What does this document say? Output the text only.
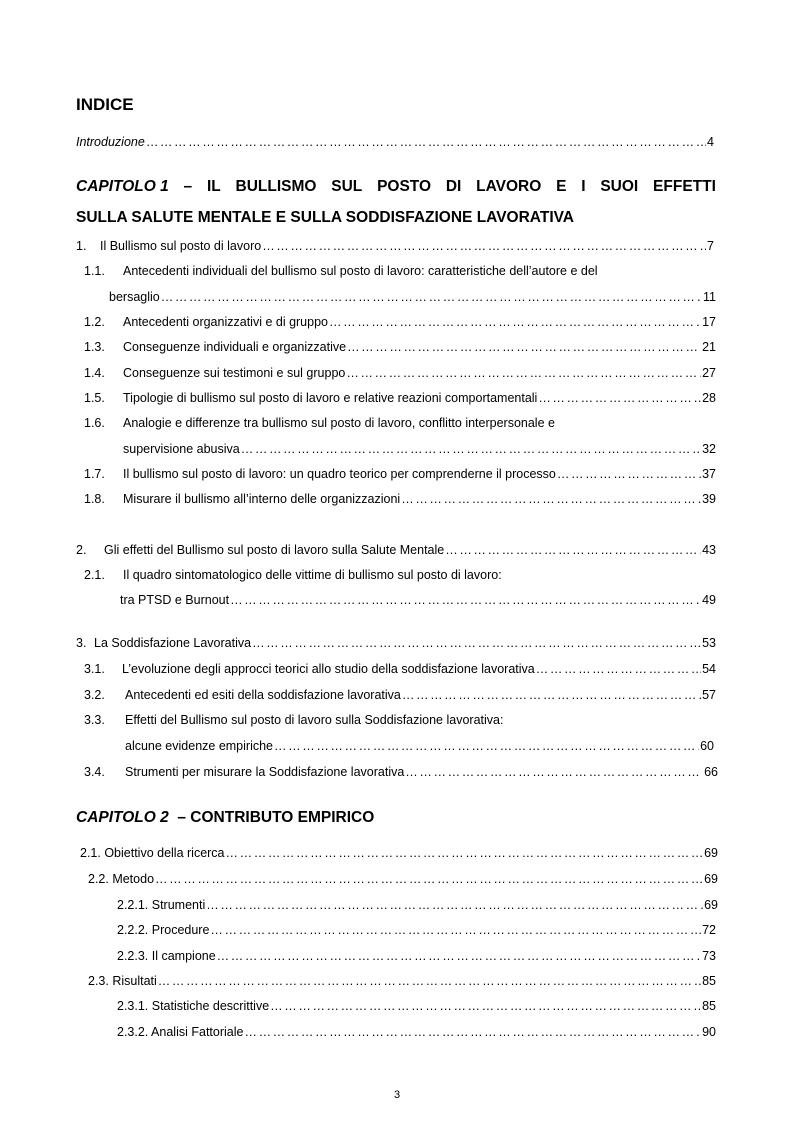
INDICE
Introduzione ……………………………………………………………………………………………………………………………………………………………………………………………………………………………………	4
CAPITOLO 1 – IL BULLISMO SUL POSTO DI LAVORO E I SUOI EFFETTI
SULLA SALUTE MENTALE E SULLA SODDISFAZIONE LAVORATIVA
1. Il Bullismo sul posto di lavoro ……………………………………………………………………………………………………………………………………………………………………………………………………………………………………	7
1.1. Antecedenti individuali del bullismo sul posto di lavoro: caratteristiche dell’autore e del
bersaglio ……………………………………………………………………………………………………………………………………………………………………………………………………………………………………	11
1.2. Antecedenti organizzativi e di gruppo ……………………………………………………………………………………………………………………………………………………………………………………………………………………………………	17
1.3. Conseguenze individuali e organizzative ……………………………………………………………………………………………………………………………………………………………………………………………………………………………………	21
1.4. Conseguenze sui testimoni e sul gruppo ……………………………………………………………………………………………………………………………………………………………………………………………………………………………………	27
1.5. Tipologie di bullismo sul posto di lavoro e relative reazioni comportamentali ……………………………………………………………………………………………………………………………………………………………………………………………………………………………………	28
1.6. Analogie e differenze tra bullismo sul posto di lavoro, conflitto interpersonale e
supervisione abusiva ……………………………………………………………………………………………………………………………………………………………………………………………………………………………………	32
1.7. Il bullismo sul posto di lavoro: un quadro teorico per comprenderne il processo ……………………………………………………………………………………………………………………………………………………………………………………………………………………………………	37
1.8. Misurare il bullismo all’interno delle organizzazioni ……………………………………………………………………………………………………………………………………………………………………………………………………………………………………	39
2. Gli effetti del Bullismo sul posto di lavoro sulla Salute Mentale ……………………………………………………………………………………………………………………………………………………………………………………………………………………………………	43
2.1. Il quadro sintomatologico delle vittime di bullismo sul posto di lavoro:
tra PTSD e Burnout ……………………………………………………………………………………………………………………………………………………………………………………………………………………………………	49
3. La Soddisfazione Lavorativa ……………………………………………………………………………………………………………………………………………………………………………………………………………………………………	53
3.1. L’evoluzione degli approcci teorici allo studio della soddisfazione lavorativa ……………………………………………………………………………………………………………………………………………………………………………………………………………………………………	54
3.2. Antecedenti ed esiti della soddisfazione lavorativa ……………………………………………………………………………………………………………………………………………………………………………………………………………………………………	57
3.3. Effetti del Bullismo sul posto di lavoro sulla Soddisfazione lavorativa:
alcune evidenze empiriche ……………………………………………………………………………………………………………………………………………………………………………………………………………………………………	60
3.4. Strumenti per misurare la Soddisfazione lavorativa ……………………………………………………………………………………………………………………………………………………………………………………………………………………………………	66
CAPITOLO 2 – CONTRIBUTO EMPIRICO
2.1. Obiettivo della ricerca ……………………………………………………………………………………………………………………………………………………………………………………………………………………………………	69
2.2. Metodo ……………………………………………………………………………………………………………………………………………………………………………………………………………………………………	69
2.2.1. Strumenti ……………………………………………………………………………………………………………………………………………………………………………………………………………………………………	69
2.2.2. Procedure ……………………………………………………………………………………………………………………………………………………………………………………………………………………………………	72
2.2.3. Il campione ……………………………………………………………………………………………………………………………………………………………………………………………………………………………………	73
2.3. Risultati ……………………………………………………………………………………………………………………………………………………………………………………………………………………………………	85
2.3.1. Statistiche descrittive ……………………………………………………………………………………………………………………………………………………………………………………………………………………………………	85
2.3.2. Analisi Fattoriale ……………………………………………………………………………………………………………………………………………………………………………………………………………………………………	90
3
